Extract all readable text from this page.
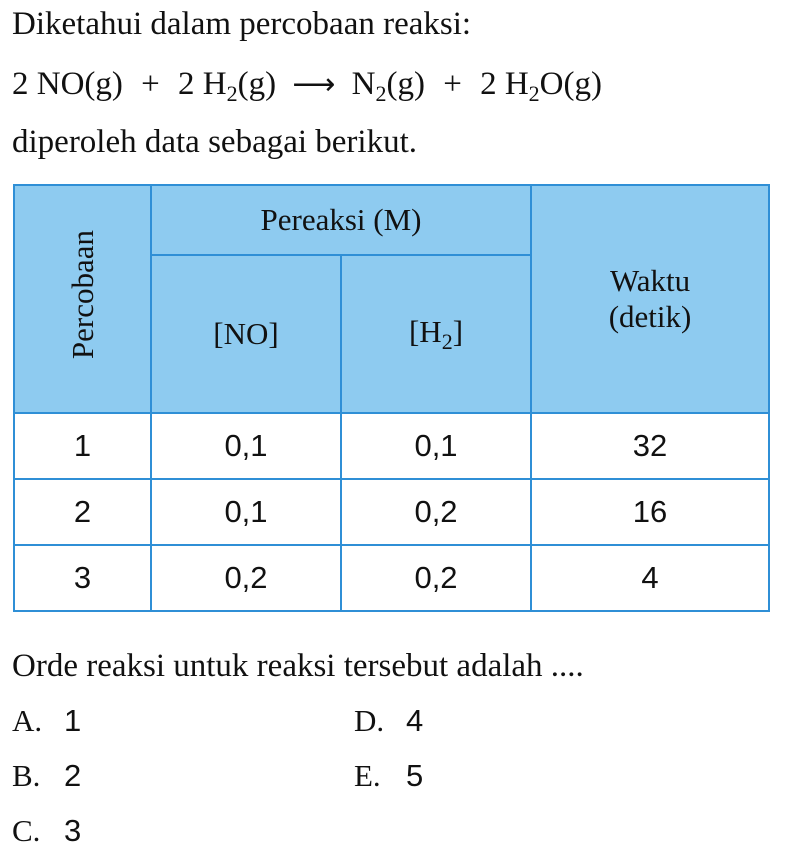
Diketahui dalam percobaan reaksi:
2 NO(g) + 2 $H_2(g)$ ⟶ $N_2(g) + 2$ $H_2O(g)$
diperoleh data sebagai berikut.
Percobaan	Pereaksi (M)		Waktu
(detik)

	[NO]	$[H_2]$	
1	0,1	0,1	32
2	0,1	0,2	16
3	0,2	0,2	4
Orde reaksi untuk reaksi tersebut adalah ....
A. 1
B. 2
C. 3
D. 4
E. 5
